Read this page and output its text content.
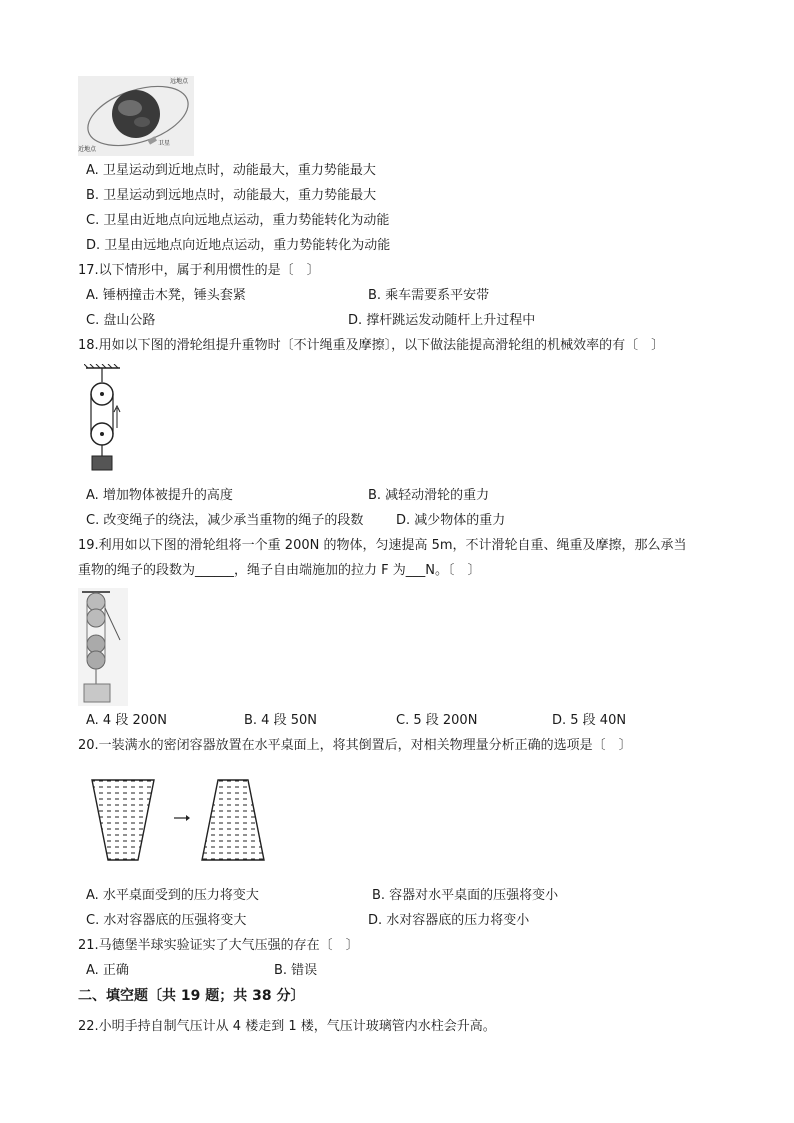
远地点
近地点
卫星
A. 卫星运动到近地点时，动能最大，重力势能最大
B. 卫星运动到远地点时，动能最大，重力势能最大
C. 卫星由近地点向远地点运动，重力势能转化为动能
D. 卫星由远地点向近地点运动，重力势能转化为动能
17.以下情形中，属于利用惯性的是〔　〕
A. 锤柄撞击木凳，锤头套紧	B. 乘车需要系平安带
C. 盘山公路	D. 撑杆跳运发动随杆上升过程中
18.用如以下图的滑轮组提升重物时〔不计绳重及摩擦〕，以下做法能提高滑轮组的机械效率的有〔　〕
A. 增加物体被提升的高度	B. 减轻动滑轮的重力
C. 改变绳子的绕法，减少承当重物的绳子的段数	D. 减少物体的重力
19.利用如以下图的滑轮组将一个重 200N 的物体，匀速提高 5m，不计滑轮自重、绳重及摩擦，那么承当
重物的绳子的段数为______，绳子自由端施加的拉力 F 为___N。〔　〕
A. 4 段 200N	B. 4 段 50N	C. 5 段 200N	D. 5 段 40N
20.一装满水的密闭容器放置在水平桌面上，将其倒置后，对相关物理量分析正确的选项是〔　〕
A. 水平桌面受到的压力将变大	B. 容器对水平桌面的压强将变小
C. 水对容器底的压强将变大	D. 水对容器底的压力将变小
21.马德堡半球实验证实了大气压强的存在〔　〕
A. 正确	B. 错误
二、填空题〔共 19 题；共 38 分〕
22.小明手持自制气压计从 4 楼走到 1 楼，气压计玻璃管内水柱会升高。
